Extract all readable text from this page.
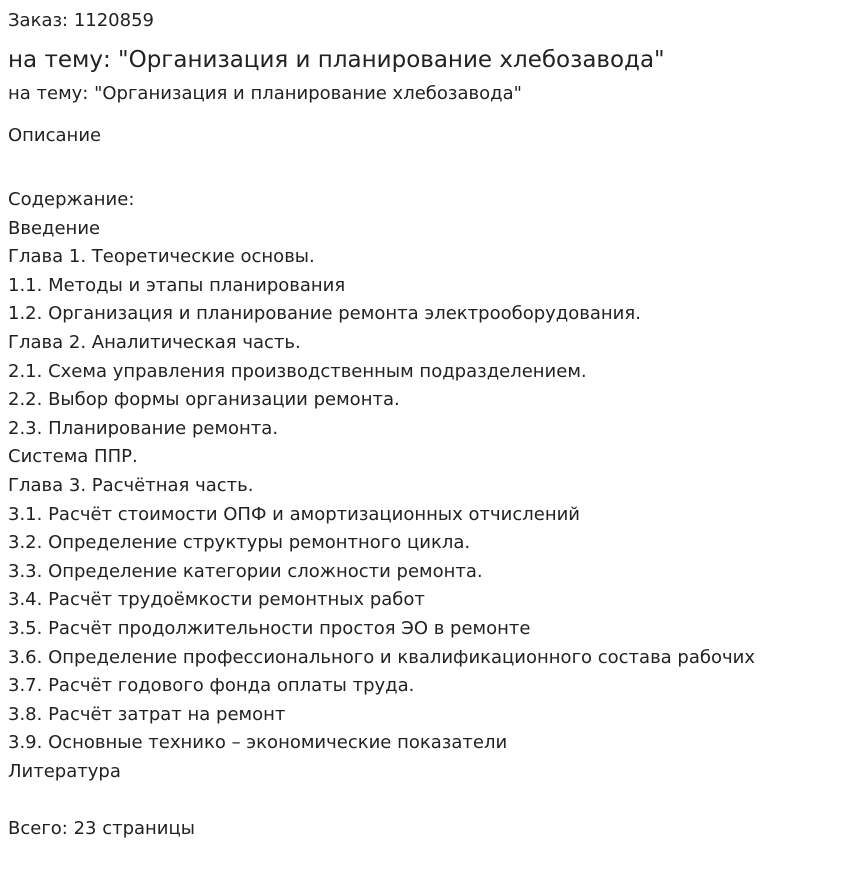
Заказ: 1120859
на тему: "Организация и планирование хлебозавода"
на тему: "Организация и планирование хлебозавода"
Описание
Содержание:
Введение
Глава 1. Теоретические основы.
1.1. Методы и этапы планирования
1.2. Организация и планирование ремонта электрооборудования.
Глава 2. Аналитическая часть.
2.1. Схема управления производственным подразделением.
2.2. Выбор формы организации ремонта.
2.3. Планирование ремонта.
Система ППР.
Глава 3. Расчётная часть.
3.1. Расчёт стоимости ОПФ и амортизационных отчислений
3.2. Определение структуры ремонтного цикла.
3.3. Определение категории сложности ремонта.
3.4. Расчёт трудоёмкости ремонтных работ
3.5. Расчёт продолжительности простоя ЭО в ремонте
3.6. Определение профессионального и квалификационного состава рабочих
3.7. Расчёт годового фонда оплаты труда.
3.8. Расчёт затрат на ремонт
3.9. Основные технико – экономические показатели
Литература
Всего: 23 страницы
